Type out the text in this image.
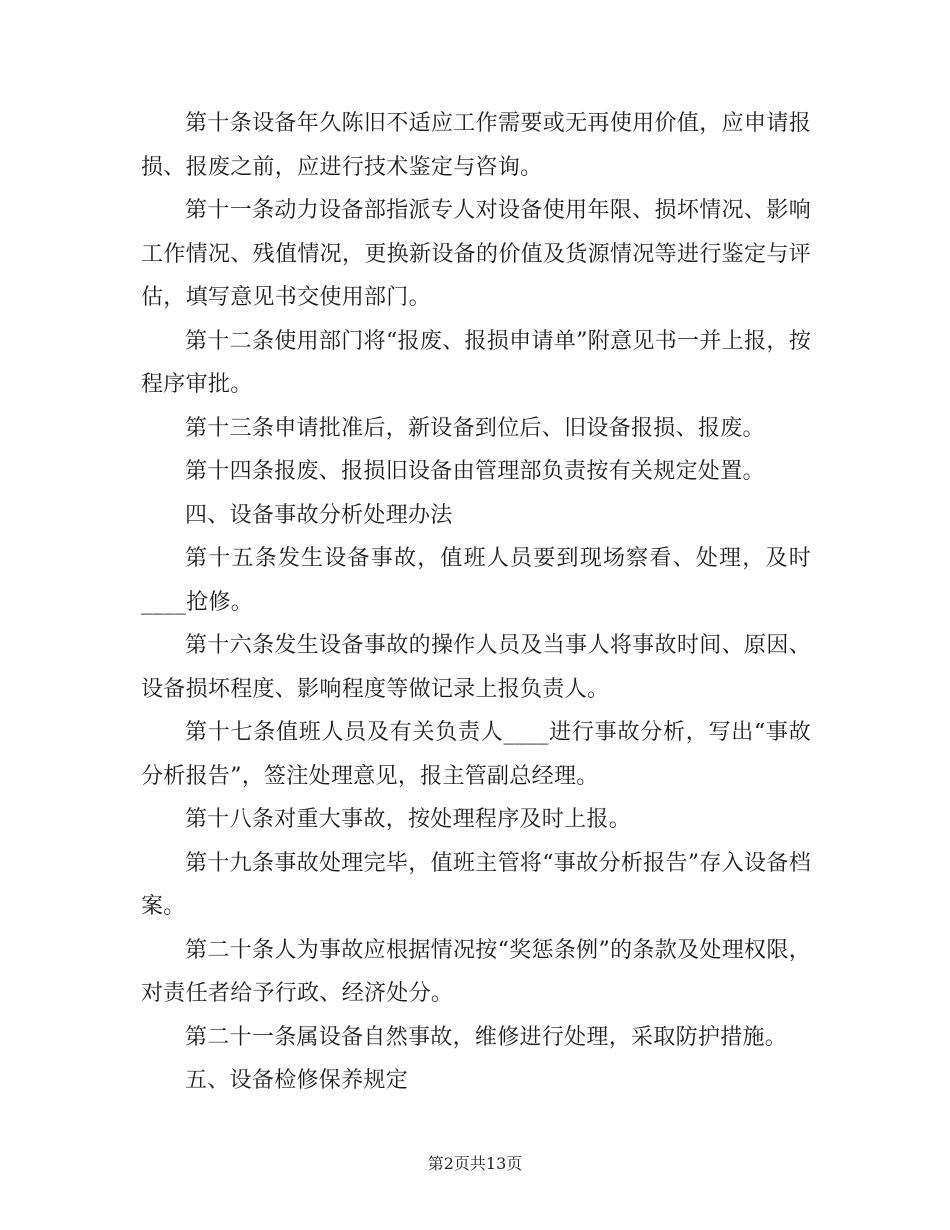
第十条设备年久陈旧不适应工作需要或无再使用价值，应申请报损、报废之前，应进行技术鉴定与咨询。

第十一条动力设备部指派专人对设备使用年限、损坏情况、影响工作情况、残值情况，更换新设备的价值及货源情况等进行鉴定与评估，填写意见书交使用部门。

第十二条使用部门将“报废、报损申请单”附意见书一并上报，按程序审批。

第十三条申请批准后，新设备到位后、旧设备报损、报废。

第十四条报废、报损旧设备由管理部负责按有关规定处置。

四、设备事故分析处理办法

第十五条发生设备事故，值班人员要到现场察看、处理，及时____抢修。

第十六条发生设备事故的操作人员及当事人将事故时间、原因、设备损坏程度、影响程度等做记录上报负责人。

第十七条值班人员及有关负责人____进行事故分析，写出“事故分析报告”，签注处理意见，报主管副总经理。

第十八条对重大事故，按处理程序及时上报。

第十九条事故处理完毕，值班主管将“事故分析报告”存入设备档案。

第二十条人为事故应根据情况按“奖惩条例”的条款及处理权限，对责任者给予行政、经济处分。

第二十一条属设备自然事故，维修进行处理，采取防护措施。

五、设备检修保养规定

第2页共13页
